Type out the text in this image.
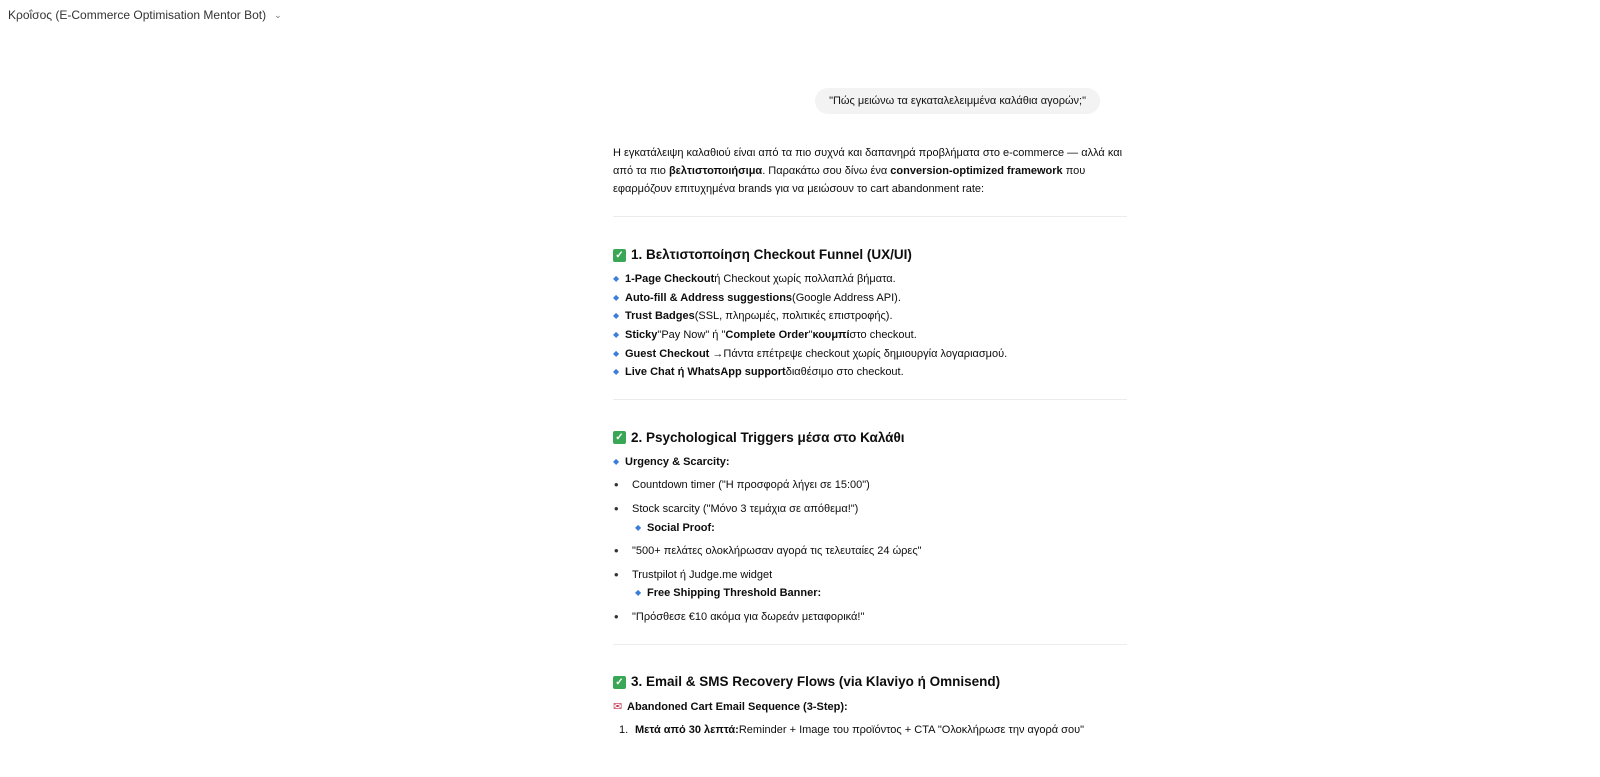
Κροΐσος (E-Commerce Optimisation Mentor Bot) ⌄
"Πώς μειώνω τα εγκαταλελειμμένα καλάθια αγορών;"

Η εγκατάλειψη καλαθιού είναι από τα πιο συχνά και δαπανηρά προβλήματα στο e-commerce — αλλά και από τα πιο βελτιστοποιήσιμα. Παρακάτω σου δίνω ένα conversion-optimized framework που εφαρμόζουν επιτυχημένα brands για να μειώσουν το cart abandonment rate:

✓ 1. Βελτιστοποίηση Checkout Funnel (UX/UI)
◆ 1-Page Checkout ή Checkout χωρίς πολλαπλά βήματα.
◆ Auto-fill & Address suggestions (Google Address API).
◆ Trust Badges (SSL, πληρωμές, πολιτικές επιστροφής).
◆ Sticky "Pay Now" ή " Complete Order " κουμπί στο checkout.
◆ Guest Checkout → Πάντα επέτρεψε checkout χωρίς δημιουργία λογαριασμού.
◆ Live Chat ή WhatsApp support διαθέσιμο στο checkout.
✓ 2. Psychological Triggers μέσα στο Καλάθι
◆ Urgency & Scarcity:
•	Countdown timer ("Η προσφορά λήγει σε 15:00")
•	Stock scarcity ("Μόνο 3 τεμάχια σε απόθεμα!")
◆ Social Proof:
•	"500+ πελάτες ολοκλήρωσαν αγορά τις τελευταίες 24 ώρες"
•	Trustpilot ή Judge.me widget
◆ Free Shipping Threshold Banner:
•	"Πρόσθεσε €10 ακόμα για δωρεάν μεταφορικά!"
✓ 3. Email & SMS Recovery Flows (via Klaviyo ή Omnisend)
✉ Abandoned Cart Email Sequence (3-Step):
1. Μετά από 30 λεπτά: Reminder + Image του προϊόντος + CTA "Ολοκλήρωσε την αγορά σου"
